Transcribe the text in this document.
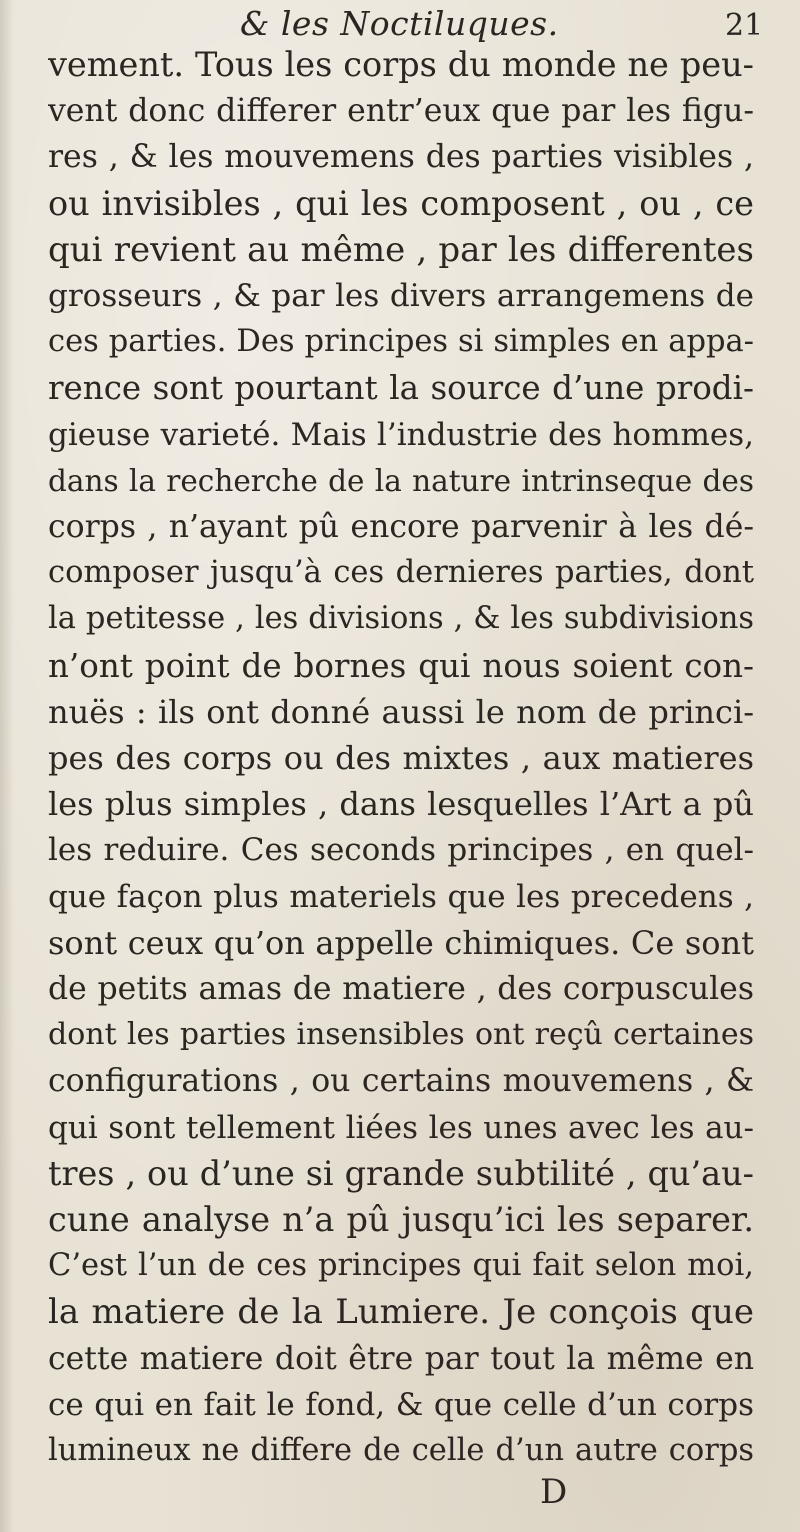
& les Noctiluques.	21
vement. Tous les corps du monde ne peu-
vent donc differer entr’eux que par les figu-
res , & les mouvemens des parties visibles ,
ou invisibles , qui les composent , ou , ce
qui revient au même , par les differentes
grosseurs , & par les divers arrangemens de
ces parties. Des principes si simples en appa-
rence sont pourtant la source d’une prodi-
gieuse varieté. Mais l’industrie des hommes,
dans la recherche de la nature intrinseque des
corps , n’ayant pû encore parvenir à les dé-
composer jusqu’à ces dernieres parties, dont
la petitesse , les divisions , & les subdivisions
n’ont point de bornes qui nous soient con-
nuës : ils ont donné aussi le nom de princi-
pes des corps ou des mixtes , aux matieres
les plus simples , dans lesquelles l’Art a pû
les reduire. Ces seconds principes , en quel-
que façon plus materiels que les precedens ,
sont ceux qu’on appelle chimiques. Ce sont
de petits amas de matiere , des corpuscules
dont les parties insensibles ont reçû certaines
configurations , ou certains mouvemens , &
qui sont tellement liées les unes avec les au-
tres , ou d’une si grande subtilité , qu’au-
cune analyse n’a pû jusqu’ici les separer.
C’est l’un de ces principes qui fait selon moi,
la matiere de la Lumiere. Je conçois que
cette matiere doit être par tout la même en
ce qui en fait le fond, & que celle d’un corps
lumineux ne differe de celle d’un autre corps
D
